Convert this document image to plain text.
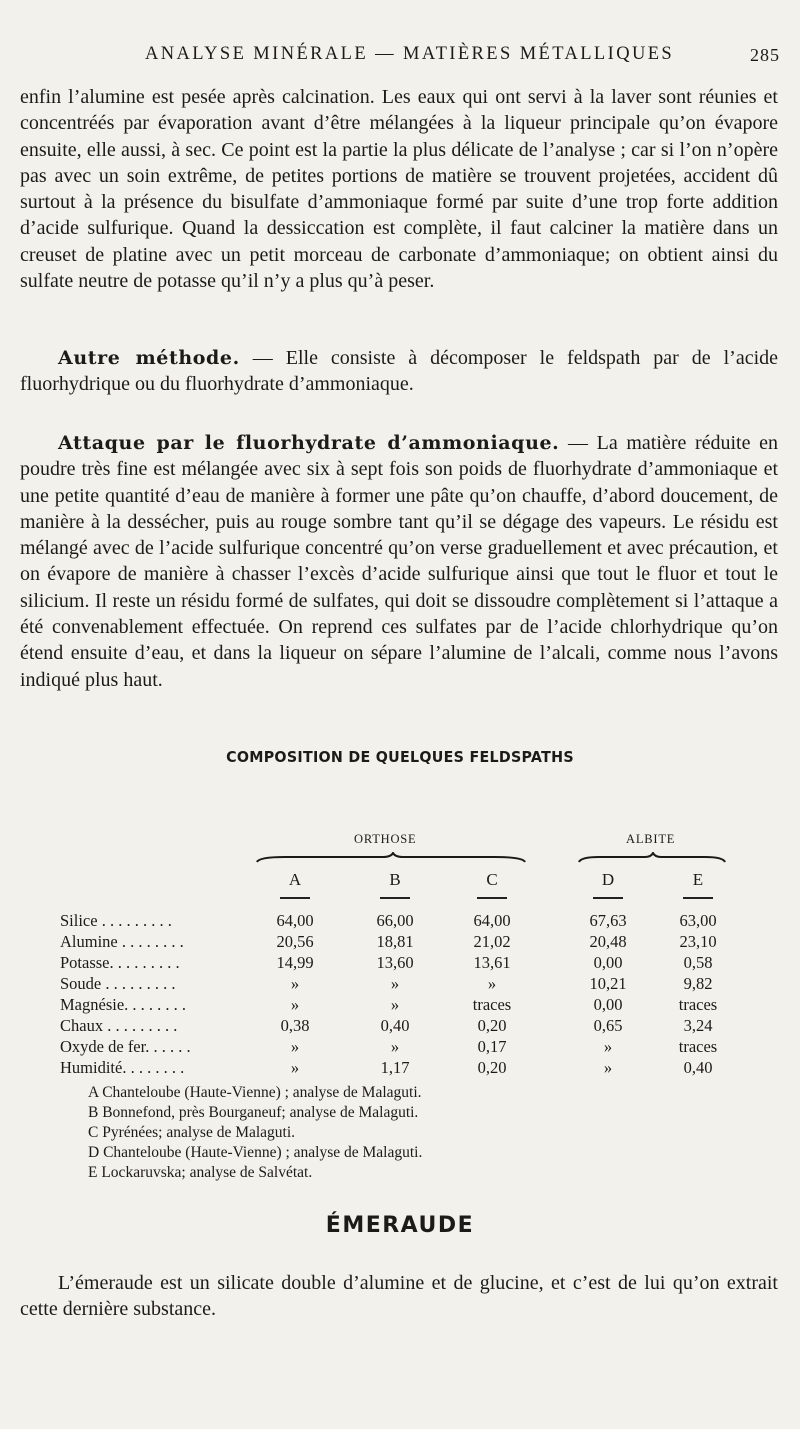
ANALYSE MINÉRALE — MATIÈRES MÉTALLIQUES	285

enfin l’alumine est pesée après calcination. Les eaux qui ont servi à la laver sont réunies et concentréés par évaporation avant d’être mélangées à la liqueur principale qu’on évapore ensuite, elle aussi, à sec. Ce point est la partie la plus délicate de l’analyse ; car si l’on n’opère pas avec un soin extrême, de petites portions de matière se trouvent projetées, accident dû surtout à la présence du bisulfate d’ammoniaque formé par suite d’une trop forte addition d’acide sulfurique. Quand la dessiccation est complète, il faut calciner la matière dans un creuset de platine avec un petit morceau de carbonate d’ammoniaque; on obtient ainsi du sulfate neutre de potasse qu’il n’y a plus qu’à peser.

Autre méthode. — Elle consiste à décomposer le feldspath par de l’acide fluorhydrique ou du fluorhydrate d’ammoniaque.

Attaque par le fluorhydrate d’ammoniaque. — La matière réduite en poudre très fine est mélangée avec six à sept fois son poids de fluorhydrate d’ammoniaque et une petite quantité d’eau de manière à former une pâte qu’on chauffe, d’abord doucement, de manière à la dessécher, puis au rouge sombre tant qu’il se dégage des vapeurs. Le résidu est mélangé avec de l’acide sulfurique concentré qu’on verse graduellement et avec précaution, et on évapore de manière à chasser l’excès d’acide sulfurique ainsi que tout le fluor et tout le silicium. Il reste un résidu formé de sulfates, qui doit se dissoudre complètement si l’attaque a été convenablement effectuée. On reprend ces sulfates par de l’acide chlorhydrique qu’on étend ensuite d’eau, et dans la liqueur on sépare l’alumine de l’alcali, comme nous l’avons indiqué plus haut.

COMPOSITION DE QUELQUES FELDSPATHS
ORTHOSE	ALBITE
A	B	C	D	E
Silice . . . . . . . . .	64,00	66,00	64,00	67,63	63,00
Alumine . . . . . . . .	20,56	18,81	21,02	20,48	23,10
Potasse. . . . . . . . .	14,99	13,60	13,61	0,00	0,58
Soude . . . . . . . . .	»	»	»	10,21	9,82
Magnésie. . . . . . . .	»	»	traces	0,00	traces
Chaux . . . . . . . . .	0,38	0,40	0,20	0,65	3,24
Oxyde de fer. . . . . .	»	»	0,17	»	traces
Humidité. . . . . . . .	»	1,17	0,20	»	0,40
A Chanteloube (Haute-Vienne) ; analyse de Malaguti.
B Bonnefond, près Bourganeuf; analyse de Malaguti.
C Pyrénées; analyse de Malaguti.
D Chanteloube (Haute-Vienne) ; analyse de Malaguti.
E Lockaruvska; analyse de Salvétat.
ÉMERAUDE

L’émeraude est un silicate double d’alumine et de glucine, et c’est de lui qu’on extrait cette dernière substance.
